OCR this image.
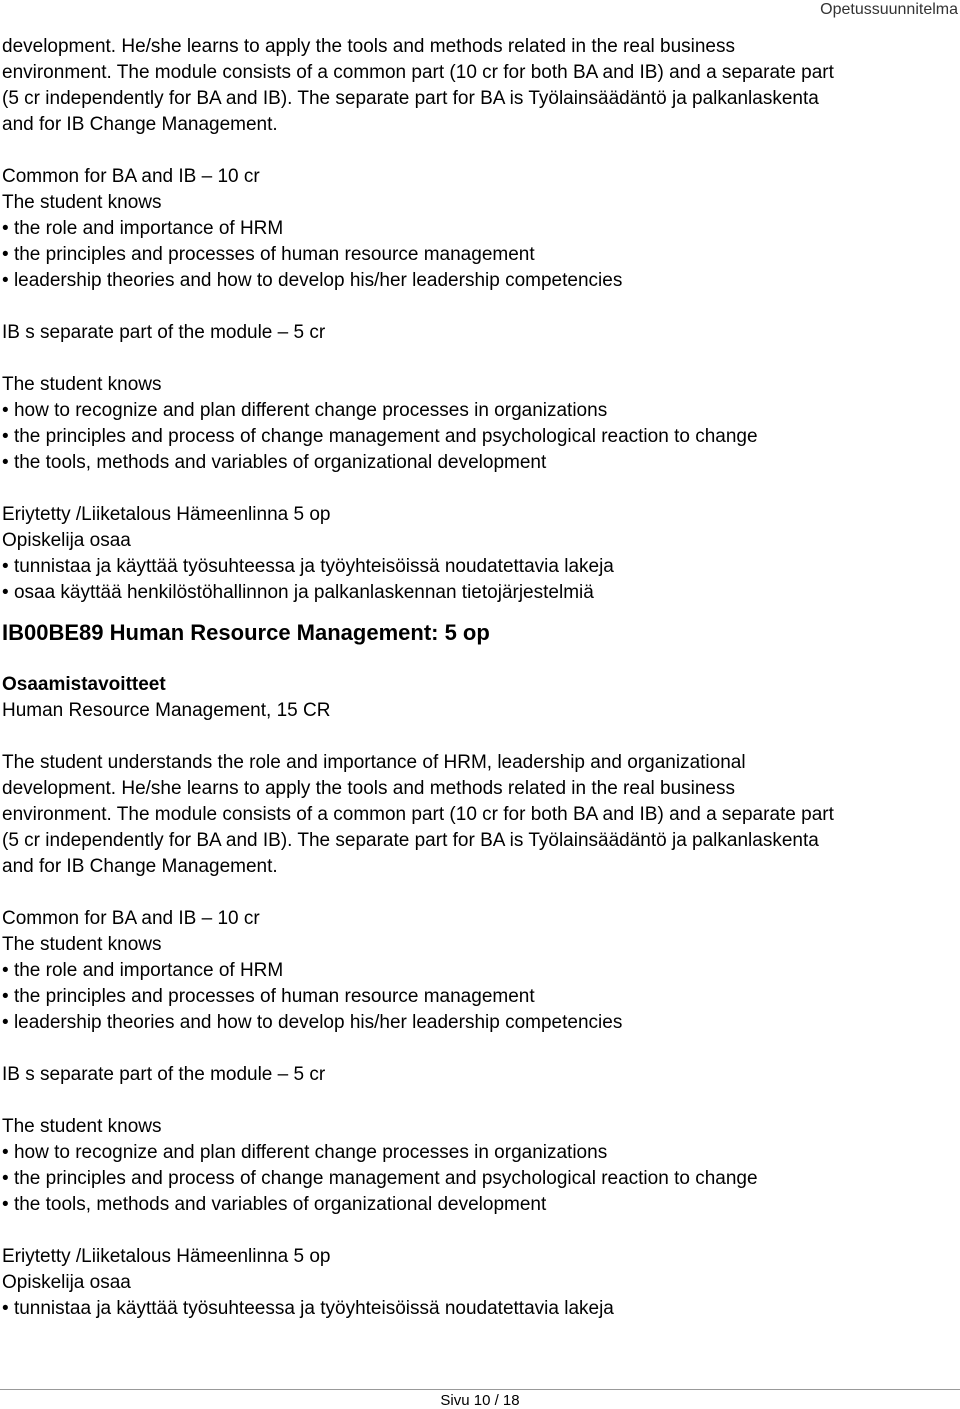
Opetussuunnitelma
development. He/she learns to apply the tools and methods related in the real business
environment. The module consists of a common part (10 cr for both BA and IB) and a separate part
(5 cr independently for BA and IB). The separate part for BA is Työlainsäädäntö ja palkanlaskenta
and for IB Change Management.
Common for BA and IB – 10 cr
The student knows
• the role and importance of HRM
• the principles and processes of human resource management
• leadership theories and how to develop his/her leadership competencies
IB s separate part of the module – 5 cr
The student knows
• how to recognize and plan different change processes in organizations
• the principles and process of change management and psychological reaction to change
• the tools, methods and variables of organizational development
Eriytetty /Liiketalous Hämeenlinna 5 op
Opiskelija osaa
• tunnistaa ja käyttää työsuhteessa ja työyhteisöissä noudatettavia lakeja
• osaa käyttää henkilöstöhallinnon ja palkanlaskennan tietojärjestelmiä
IB00BE89 Human Resource Management: 5 op
Osaamistavoitteet
Human Resource Management, 15 CR
The student understands the role and importance of HRM, leadership and organizational
development. He/she learns to apply the tools and methods related in the real business
environment. The module consists of a common part (10 cr for both BA and IB) and a separate part
(5 cr independently for BA and IB). The separate part for BA is Työlainsäädäntö ja palkanlaskenta
and for IB Change Management.
Common for BA and IB – 10 cr
The student knows
• the role and importance of HRM
• the principles and processes of human resource management
• leadership theories and how to develop his/her leadership competencies
IB s separate part of the module – 5 cr
The student knows
• how to recognize and plan different change processes in organizations
• the principles and process of change management and psychological reaction to change
• the tools, methods and variables of organizational development
Eriytetty /Liiketalous Hämeenlinna 5 op
Opiskelija osaa
• tunnistaa ja käyttää työsuhteessa ja työyhteisöissä noudatettavia lakeja
Sivu 10 / 18
